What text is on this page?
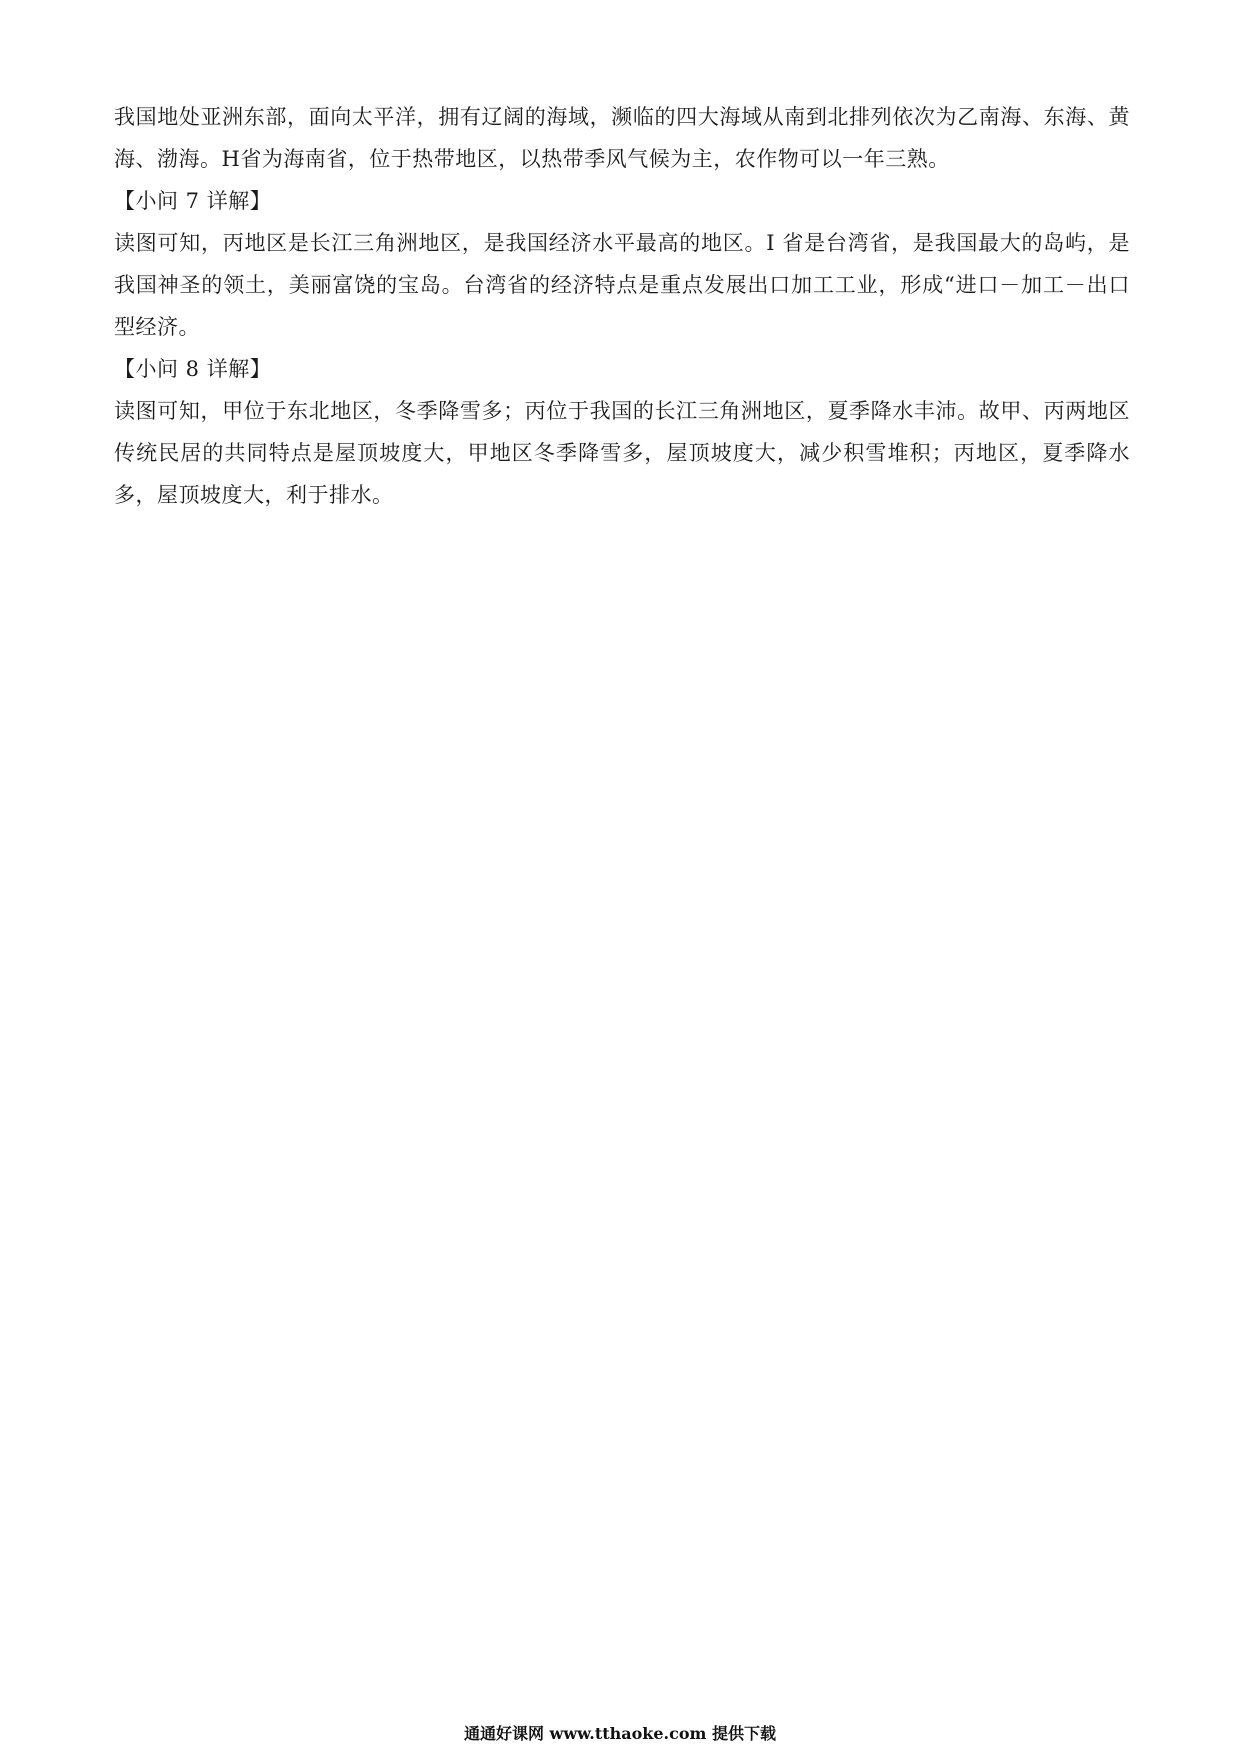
我国地处亚洲东部，面向太平洋，拥有辽阔的海域，濒临的四大海域从南到北排列依次为乙南海、东海、黄海、渤海。H省为海南省，位于热带地区，以热带季风气候为主，农作物可以一年三熟。

【小问 7 详解】

读图可知，丙地区是长江三角洲地区，是我国经济水平最高的地区。I 省是台湾省，是我国最大的岛屿，是我国神圣的领土，美丽富饶的宝岛。台湾省的经济特点是重点发展出口加工工业，形成“进口－加工－出口型经济。

【小问 8 详解】

读图可知，甲位于东北地区，冬季降雪多；丙位于我国的长江三角洲地区，夏季降水丰沛。故甲、丙两地区传统民居的共同特点是屋顶坡度大，甲地区冬季降雪多，屋顶坡度大，减少积雪堆积；丙地区，夏季降水多，屋顶坡度大，利于排水。

通通好课网 www.tthaoke.com 提供下载
